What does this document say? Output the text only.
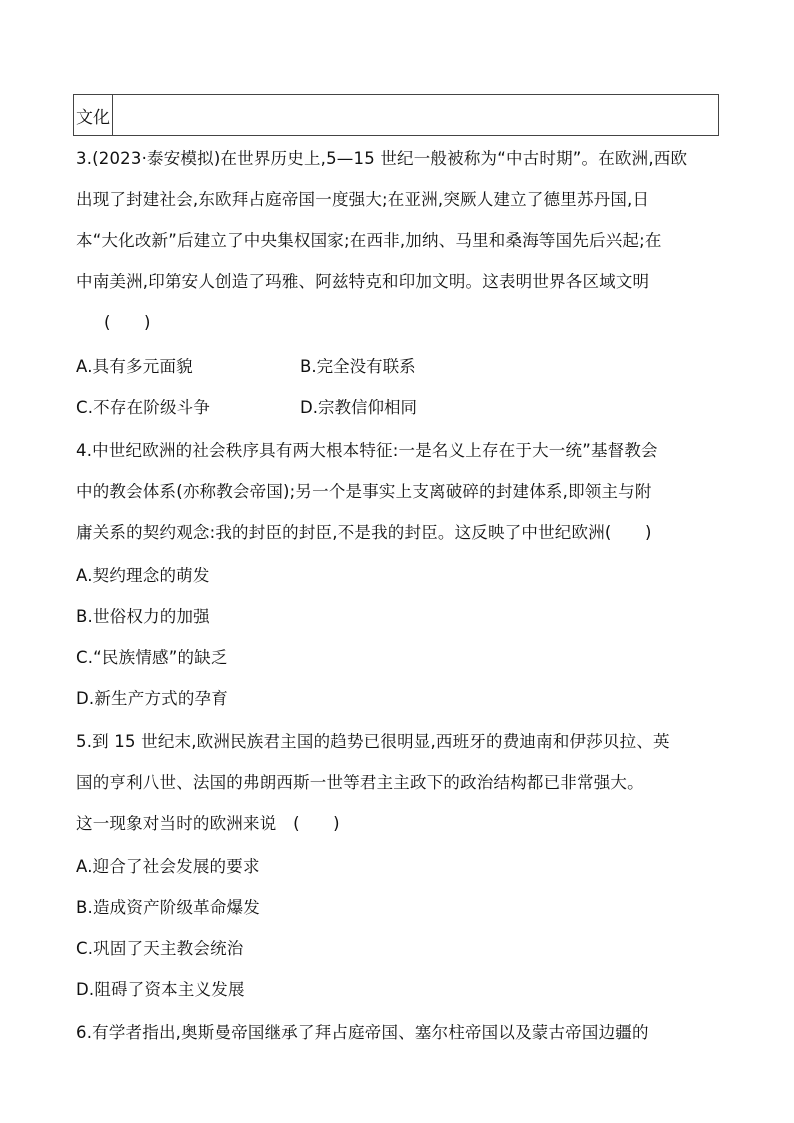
文化
3.(2023·泰安模拟)在世界历史上,5—15 世纪一般被称为“中古时期”。在欧洲,西欧
出现了封建社会,东欧拜占庭帝国一度强大;在亚洲,突厥人建立了德里苏丹国,日
本“大化改新”后建立了中央集权国家;在西非,加纳、马里和桑海等国先后兴起;在
中南美洲,印第安人创造了玛雅、阿兹特克和印加文明。这表明世界各区域文明
(　　)
A.具有多元面貌	B.完全没有联系
C.不存在阶级斗争	D.宗教信仰相同
4.中世纪欧洲的社会秩序具有两大根本特征:一是名义上存在于大一统”基督教会
中的教会体系(亦称教会帝国);另一个是事实上支离破碎的封建体系,即领主与附
庸关系的契约观念:我的封臣的封臣,不是我的封臣。这反映了中世纪欧洲(　　)
A.契约理念的萌发
B.世俗权力的加强
C.“民族情感”的缺乏
D.新生产方式的孕育
5.到 15 世纪末,欧洲民族君主国的趋势已很明显,西班牙的费迪南和伊莎贝拉、英
国的亨利八世、法国的弗朗西斯一世等君主主政下的政治结构都已非常强大。
这一现象对当时的欧洲来说　(　　)
A.迎合了社会发展的要求
B.造成资产阶级革命爆发
C.巩固了天主教会统治
D.阻碍了资本主义发展
6.有学者指出,奥斯曼帝国继承了拜占庭帝国、塞尔柱帝国以及蒙古帝国边疆的
